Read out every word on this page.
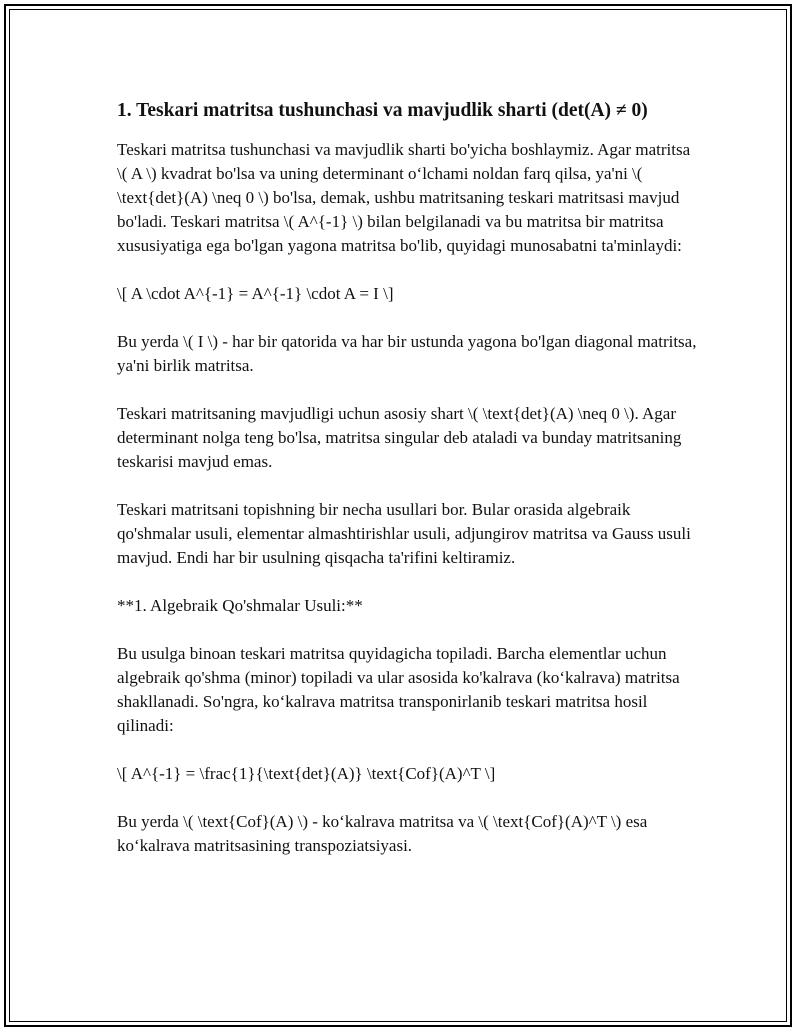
1. Teskari matritsa tushunchasi va mavjudlik sharti (det(A) ≠ 0)

Teskari matritsa tushunchasi va mavjudlik sharti bo'yicha boshlaymiz. Agar matritsa \( A \) kvadrat bo'lsa va uning determinant o‘lchami noldan farq qilsa, ya'ni \( \text{det}(A) \neq 0 \) bo'lsa, demak, ushbu matritsaning teskari matritsasi mavjud bo'ladi. Teskari matritsa \( A^{-1} \) bilan belgilanadi va bu matritsa bir matritsa xususiyatiga ega bo'lgan yagona matritsa bo'lib, quyidagi munosabatni ta'minlaydi:

\[ A \cdot A^{-1} = A^{-1} \cdot A = I \]

Bu yerda \( I \) - har bir qatorida va har bir ustunda yagona bo'lgan diagonal matritsa, ya'ni birlik matritsa.

Teskari matritsaning mavjudligi uchun asosiy shart \( \text{det}(A) \neq 0 \). Agar determinant nolga teng bo'lsa, matritsa singular deb ataladi va bunday matritsaning teskarisi mavjud emas.

Teskari matritsani topishning bir necha usullari bor. Bular orasida algebraik qo'shmalar usuli, elementar almashtirishlar usuli, adjungirov matritsa va Gauss usuli mavjud. Endi har bir usulning qisqacha ta'rifini keltiramiz.

**1. Algebraik Qo'shmalar Usuli:**

Bu usulga binoan teskari matritsa quyidagicha topiladi. Barcha elementlar uchun algebraik qo'shma (minor) topiladi va ular asosida ko'kalrava (ko‘kalrava) matritsa shakllanadi. So'ngra, ko‘kalrava matritsa transponirlanib teskari matritsa hosil qilinadi:

\[ A^{-1} = \frac{1}{\text{det}(A)} \text{Cof}(A)^T \]

Bu yerda \( \text{Cof}(A) \) - ko‘kalrava matritsa va \( \text{Cof}(A)^T \) esa ko‘kalrava matritsasining transpoziatsiyasi.
